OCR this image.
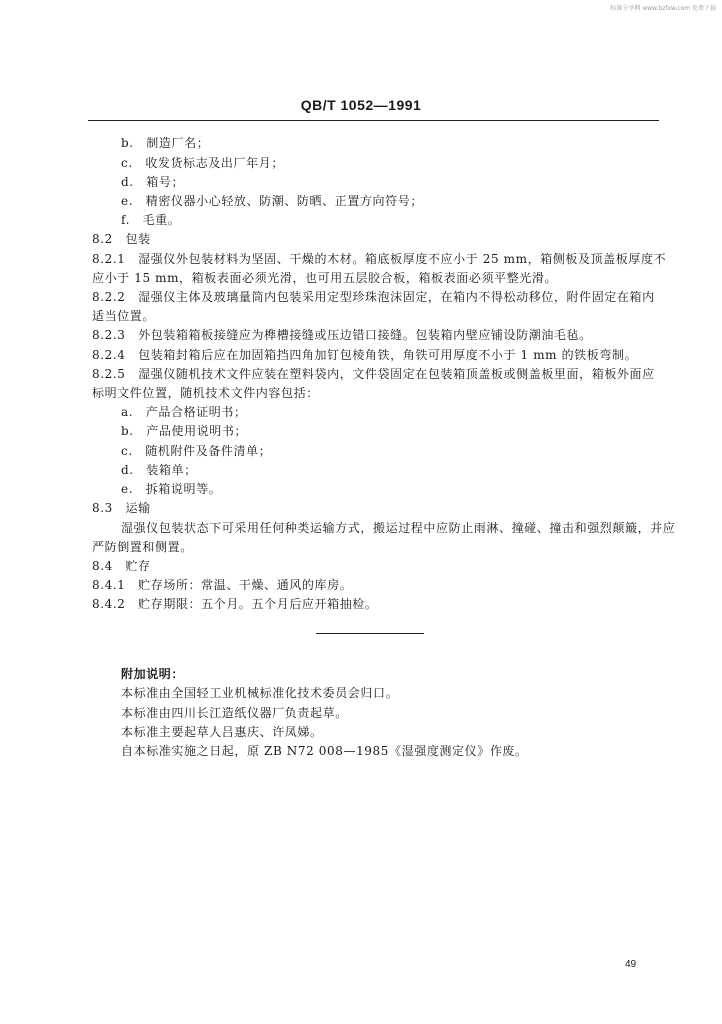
标准分享网 www.bzfxw.com 免费下载
QB/T 1052—1991
b.　制造厂名；
c.　收发货标志及出厂年月；
d.　箱号；
e.　精密仪器小心轻放、防潮、防晒、正置方向符号；
f.　毛重。
8.2　包装
8.2.1　湿强仪外包装材料为坚固、干燥的木材。箱底板厚度不应小于 25 mm，箱侧板及顶盖板厚度不
应小于 15 mm，箱板表面必须光滑，也可用五层胶合板，箱板表面必须平整光滑。
8.2.2　湿强仪主体及玻璃量筒内包装采用定型珍珠泡沫固定，在箱内不得松动移位，附件固定在箱内
适当位置。
8.2.3　外包装箱箱板接缝应为榫槽接缝或压边错口接缝。包装箱内壁应铺设防潮油毛毡。
8.2.4　包装箱封箱后应在加固箱挡四角加钉包棱角铁，角铁可用厚度不小于 1 mm 的铁板弯制。
8.2.5　湿强仪随机技术文件应装在塑料袋内，文件袋固定在包装箱顶盖板或侧盖板里面，箱板外面应
标明文件位置，随机技术文件内容包括：
a.　产品合格证明书；
b.　产品使用说明书；
c.　随机附件及备件清单；
d.　装箱单；
e.　拆箱说明等。
8.3　运输
湿强仪包装状态下可采用任何种类运输方式，搬运过程中应防止雨淋、撞碰、撞击和强烈颠簸，并应
严防倒置和侧置。
8.4　贮存
8.4.1　贮存场所：常温、干燥、通风的库房。
8.4.2　贮存期限：五个月。五个月后应开箱抽检。
附加说明：
本标准由全国轻工业机械标准化技术委员会归口。
本标准由四川长江造纸仪器厂负责起草。
本标准主要起草人吕惠庆、许凤娣。
自本标准实施之日起，原 ZB N72 008—1985《湿强度测定仪》作废。
49
